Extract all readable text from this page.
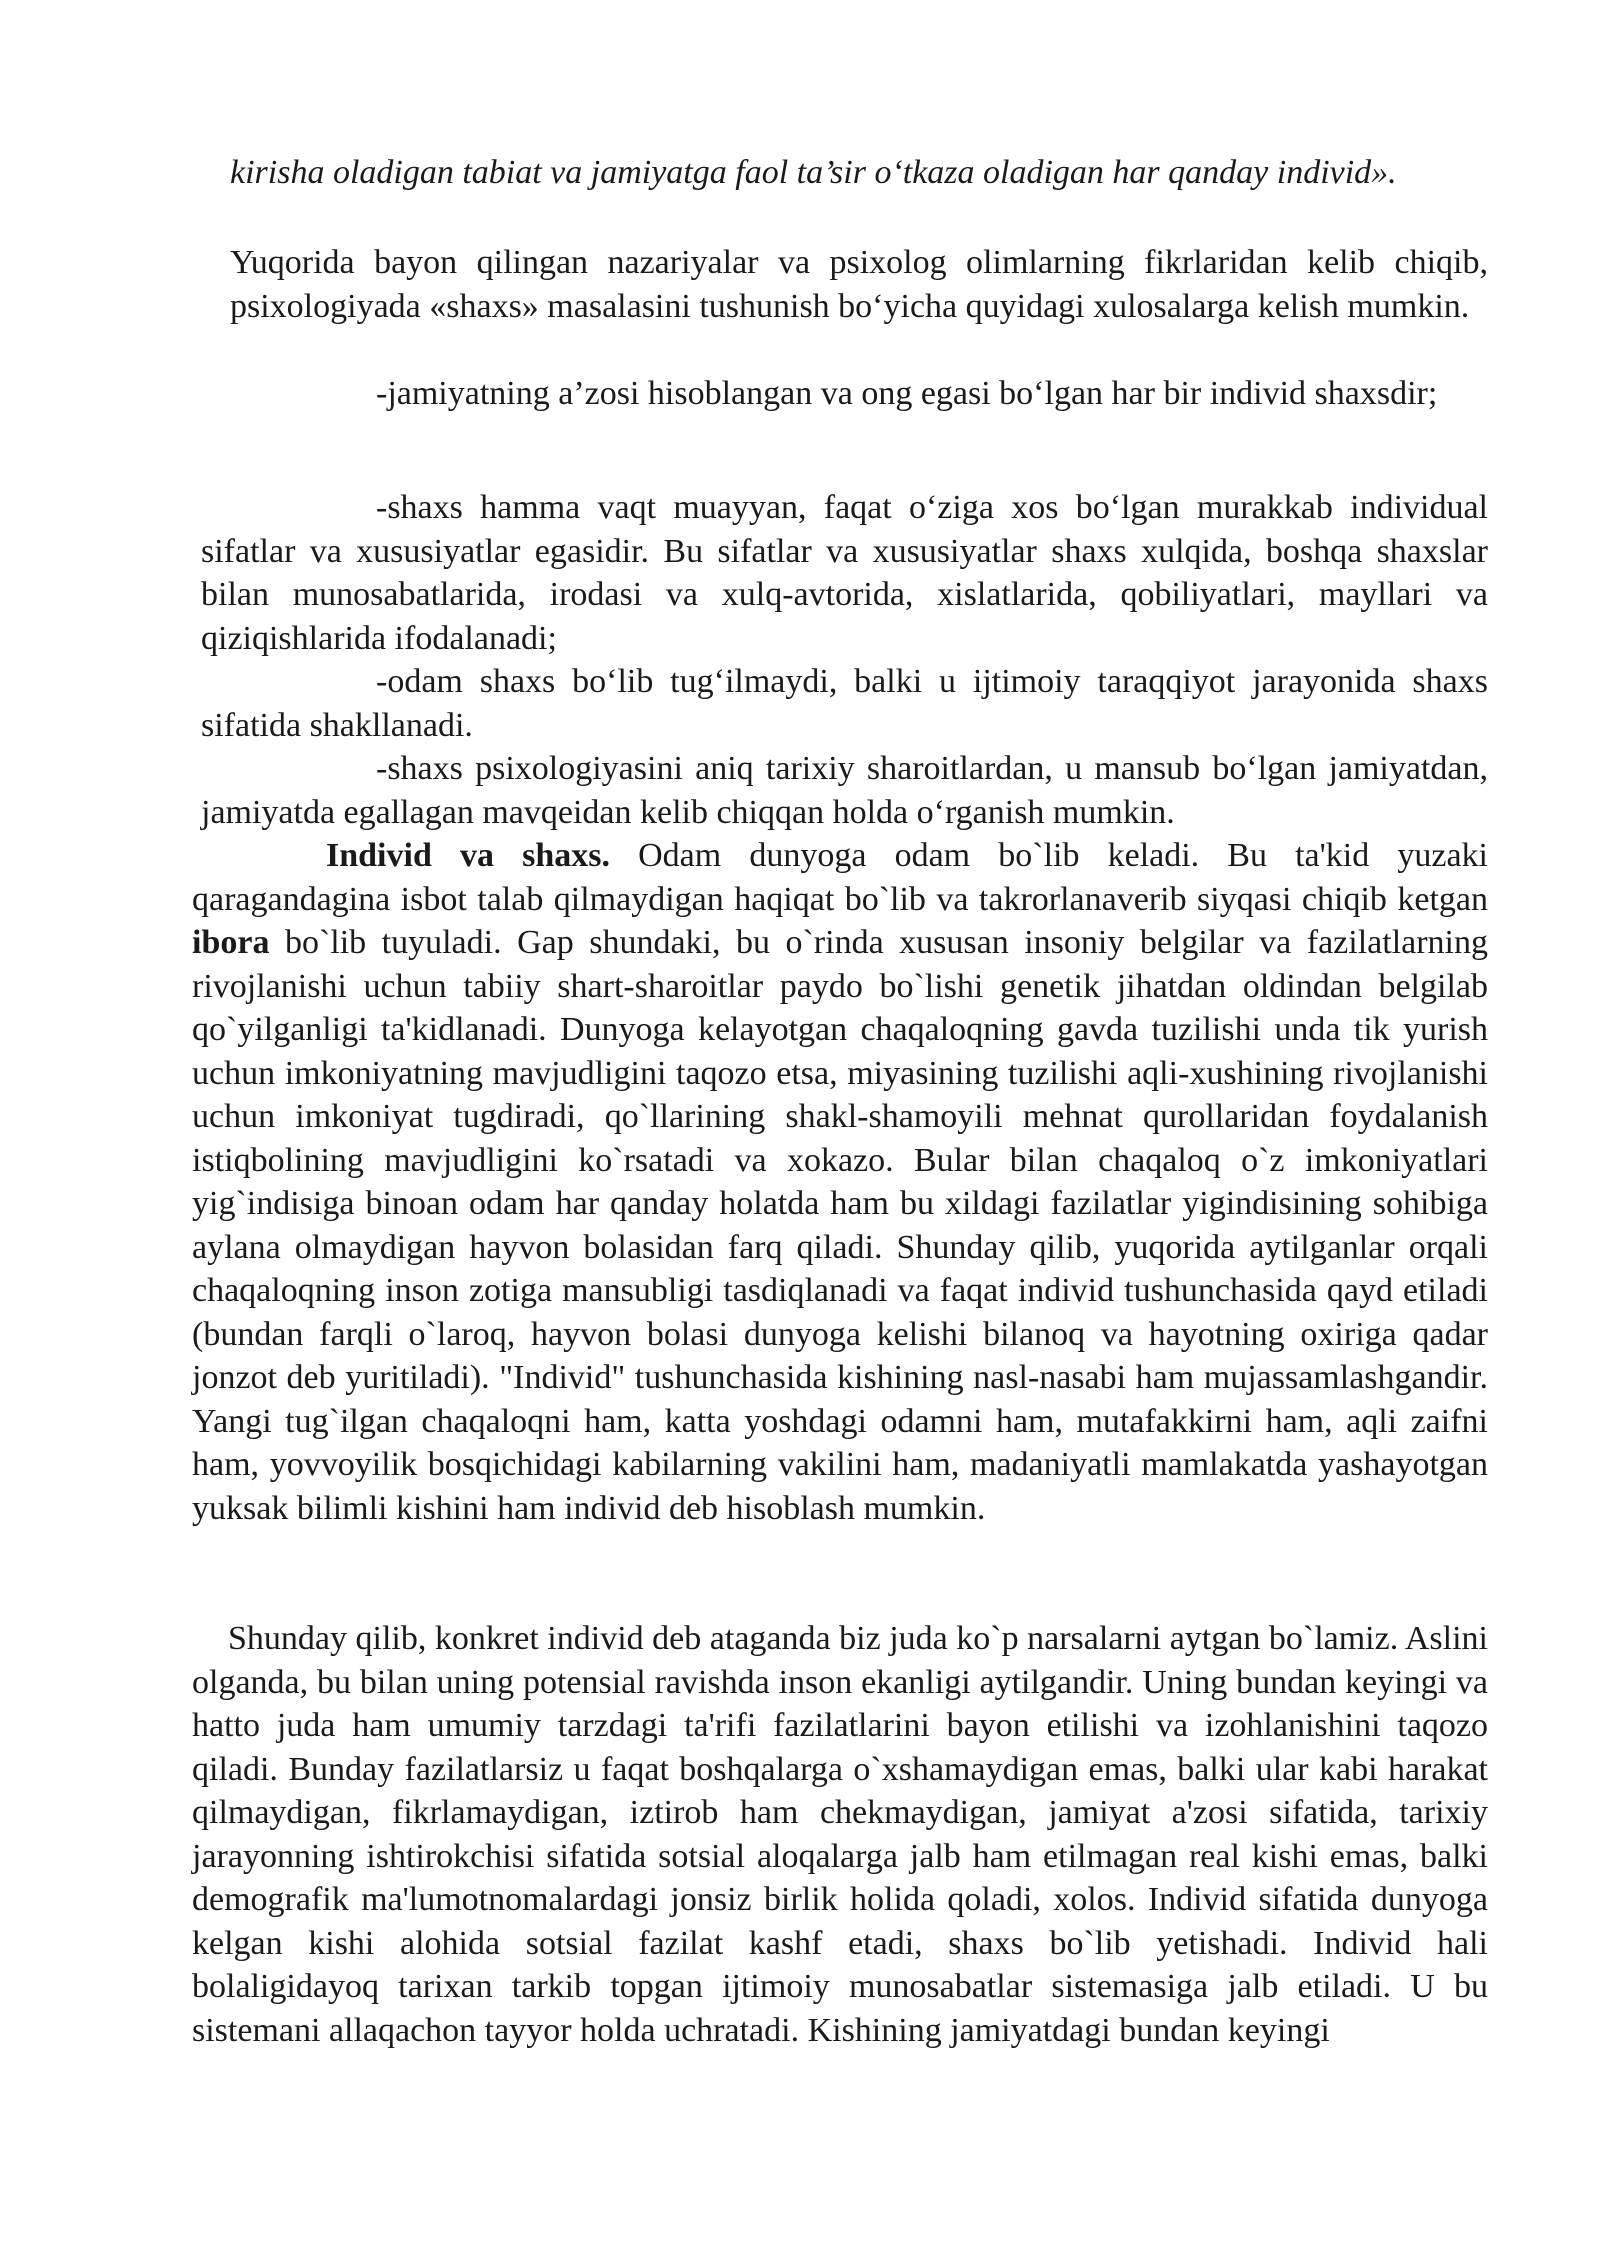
kirisha oladigan tabiat va jamiyatga faol ta’sir o‘tkaza oladigan har qanday individ».

Yuqorida bayon qilingan nazariyalar va psixolog olimlarning fikrlaridan kelib chiqib, psixologiyada «shaxs» masalasini tushunish bo‘yicha quyidagi xulosalarga kelish mumkin.

-jamiyatning a’zosi hisoblangan va ong egasi bo‘lgan har bir individ shaxsdir;

-shaxs hamma vaqt muayyan, faqat o‘ziga xos bo‘lgan murakkab individual sifatlar va xususiyatlar egasidir. Bu sifatlar va xususiyatlar shaxs xulqida, boshqa shaxslar bilan munosabatlarida, irodasi va xulq-avtorida, xislatlarida, qobiliyatlari, mayllari va qiziqishlarida ifodalanadi;

-odam shaxs bo‘lib tug‘ilmaydi, balki u ijtimoiy taraqqiyot jarayonida shaxs sifatida shakllanadi.

-shaxs psixologiyasini aniq tarixiy sharoitlardan, u mansub bo‘lgan jamiyatdan, jamiyatda egallagan mavqeidan kelib chiqqan holda o‘rganish mumkin.

Individ va shaxs. Odam dunyoga odam bo`lib keladi. Bu ta'kid yuzaki qaragandagina isbot talab qilmaydigan haqiqat bo`lib va takrorlanaverib siyqasi chiqib ketgan ibora bo`lib tuyuladi. Gap shundaki, bu o`rinda xususan insoniy belgilar va fazilatlarning rivojlanishi uchun tabiiy shart-sharoitlar paydo bo`lishi genetik jihatdan oldindan belgilab qo`yilganligi ta'kidlanadi. Dunyoga kelayotgan chaqaloqning gavda tuzilishi unda tik yurish uchun imkoniyatning mavjudligini taqozo etsa, miyasining tuzilishi aqli-xushining rivojlanishi uchun imkoniyat tugdiradi, qo`llarining shakl-shamoyili mehnat qurollaridan foydalanish istiqbolining mavjudligini ko`rsatadi va xokazo. Bular bilan chaqaloq o`z imkoniyatlari yig`indisiga binoan odam har qanday holatda ham bu xildagi fazilatlar yigindisining sohibiga aylana olmaydigan hayvon bolasidan farq qiladi. Shunday qilib, yuqorida aytilganlar orqali chaqaloqning inson zotiga mansubligi tasdiqlanadi va faqat individ tushunchasida qayd etiladi (bundan farqli o`laroq, hayvon bolasi dunyoga kelishi bilanoq va hayotning oxiriga qadar jonzot deb yuritiladi). "Individ" tushunchasida kishining nasl-nasabi ham mujassamlashgandir. Yangi tug`ilgan chaqaloqni ham, katta yoshdagi odamni ham, mutafakkirni ham, aqli zaifni ham, yovvoyilik bosqichidagi kabilarning vakilini ham, madaniyatli mamlakatda yashayotgan yuksak bilimli kishini ham individ deb hisoblash mumkin.

Shunday qilib, konkret individ deb ataganda biz juda ko`p narsalarni aytgan bo`lamiz. Aslini olganda, bu bilan uning potensial ravishda inson ekanligi aytilgandir. Uning bundan keyingi va hatto juda ham umumiy tarzdagi ta'rifi fazilatlarini bayon etilishi va izohlanishini taqozo qiladi. Bunday fazilatlarsiz u faqat boshqalarga o`xshamaydigan emas, balki ular kabi harakat qilmaydigan, fikrlamaydigan, iztirob ham chekmaydigan, jamiyat a'zosi sifatida, tarixiy jarayonning ishtirokchisi sifatida sotsial aloqalarga jalb ham etilmagan real kishi emas, balki demografik ma'lumotnomalardagi jonsiz birlik holida qoladi, xolos. Individ sifatida dunyoga kelgan kishi alohida sotsial fazilat kashf etadi, shaxs bo`lib yetishadi. Individ hali bolaligidayoq tarixan tarkib topgan ijtimoiy munosabatlar sistemasiga jalb etiladi. U bu sistemani allaqachon tayyor holda uchratadi. Kishining jamiyatdagi bundan keyingi
